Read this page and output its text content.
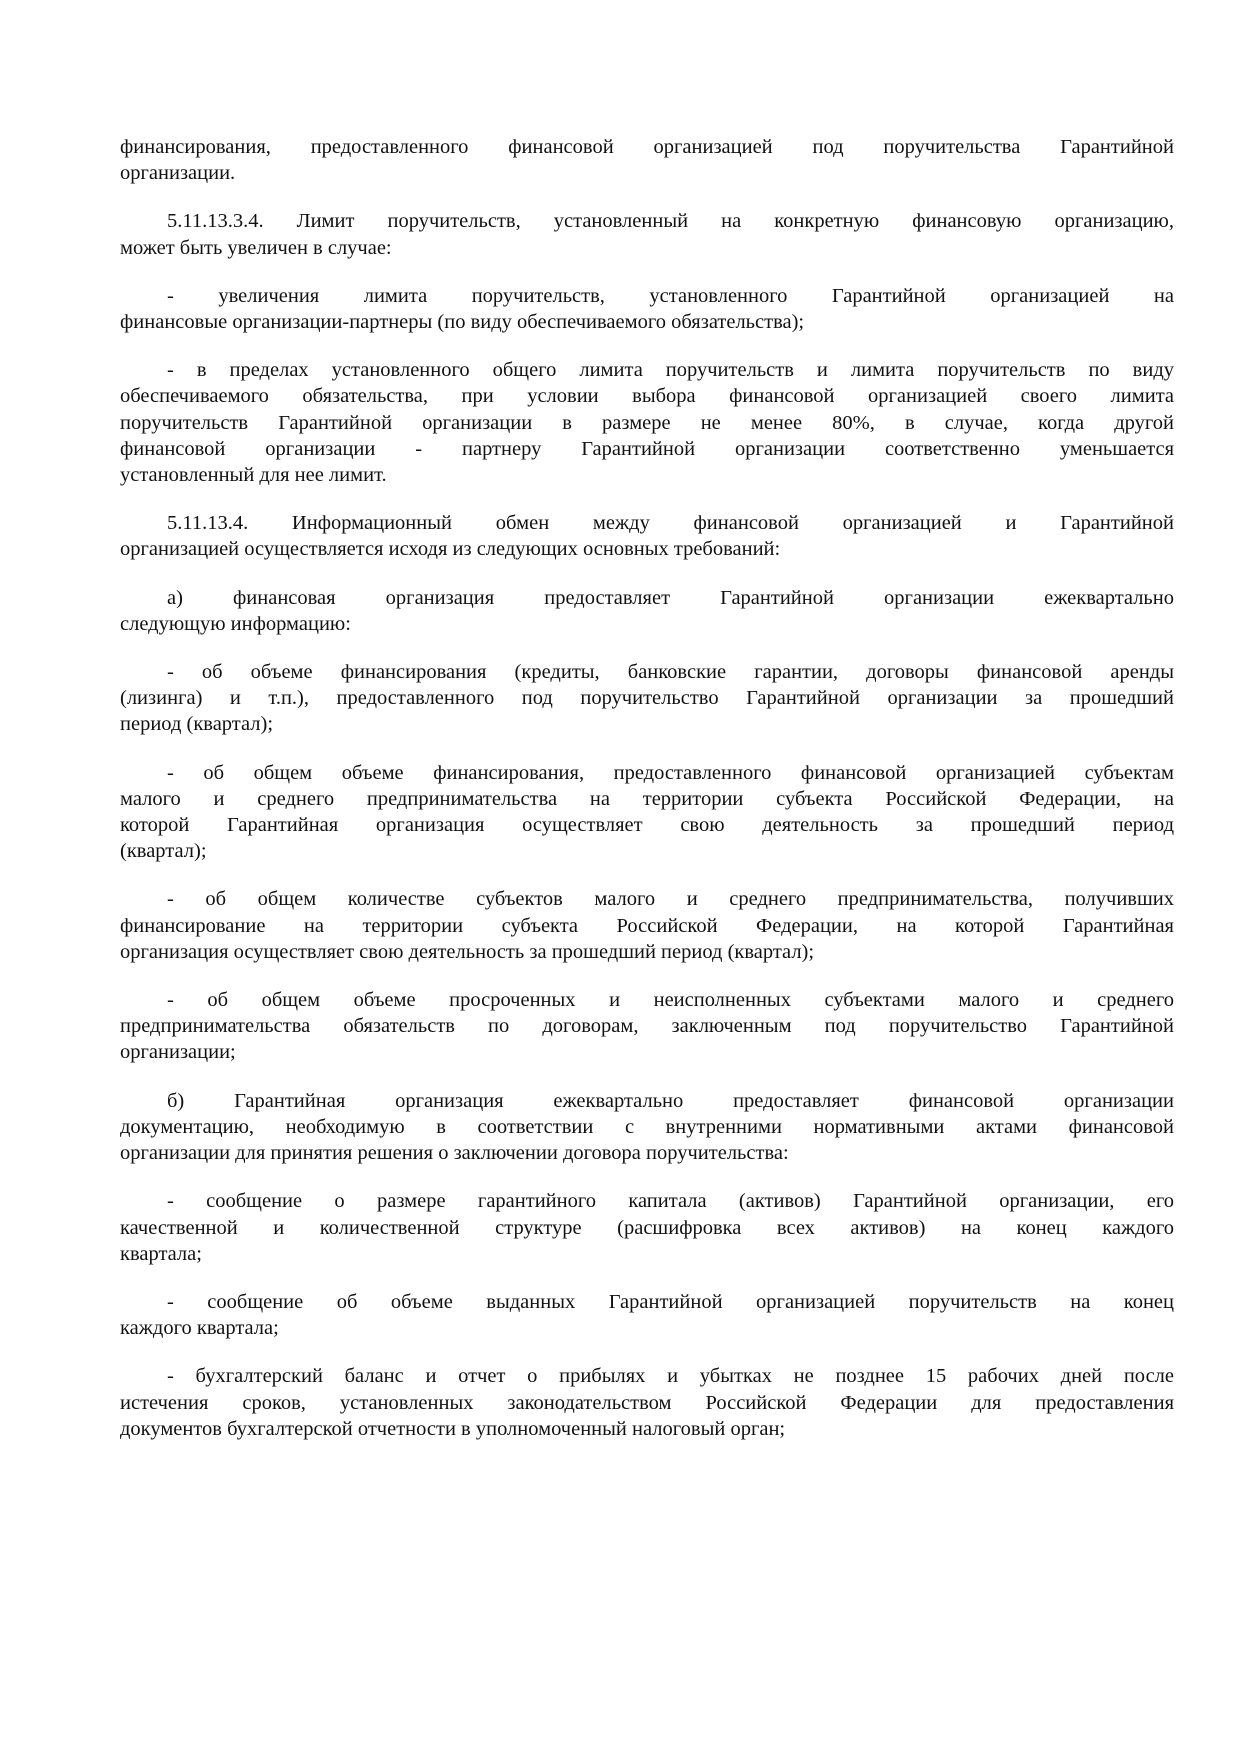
финансирования, предоставленного финансовой организацией под поручительства Гарантийной
организации.
5.11.13.3.4. Лимит поручительств, установленный на конкретную финансовую организацию,
может быть увеличен в случае:
- увеличения лимита поручительств, установленного Гарантийной организацией на
финансовые организации-партнеры (по виду обеспечиваемого обязательства);
- в пределах установленного общего лимита поручительств и лимита поручительств по виду
обеспечиваемого обязательства, при условии выбора финансовой организацией своего лимита
поручительств Гарантийной организации в размере не менее 80%, в случае, когда другой
финансовой организации - партнеру Гарантийной организации соответственно уменьшается
установленный для нее лимит.
5.11.13.4. Информационный обмен между финансовой организацией и Гарантийной
организацией осуществляется исходя из следующих основных требований:
а) финансовая организация предоставляет Гарантийной организации ежеквартально
следующую информацию:
- об объеме финансирования (кредиты, банковские гарантии, договоры финансовой аренды
(лизинга) и т.п.), предоставленного под поручительство Гарантийной организации за прошедший
период (квартал);
- об общем объеме финансирования, предоставленного финансовой организацией субъектам
малого и среднего предпринимательства на территории субъекта Российской Федерации, на
которой Гарантийная организация осуществляет свою деятельность за прошедший период
(квартал);
- об общем количестве субъектов малого и среднего предпринимательства, получивших
финансирование на территории субъекта Российской Федерации, на которой Гарантийная
организация осуществляет свою деятельность за прошедший период (квартал);
- об общем объеме просроченных и неисполненных субъектами малого и среднего
предпринимательства обязательств по договорам, заключенным под поручительство Гарантийной
организации;
б) Гарантийная организация ежеквартально предоставляет финансовой организации
документацию, необходимую в соответствии с внутренними нормативными актами финансовой
организации для принятия решения о заключении договора поручительства:
- сообщение о размере гарантийного капитала (активов) Гарантийной организации, его
качественной и количественной структуре (расшифровка всех активов) на конец каждого
квартала;
- сообщение об объеме выданных Гарантийной организацией поручительств на конец
каждого квартала;
- бухгалтерский баланс и отчет о прибылях и убытках не позднее 15 рабочих дней после
истечения сроков, установленных законодательством Российской Федерации для предоставления
документов бухгалтерской отчетности в уполномоченный налоговый орган;
